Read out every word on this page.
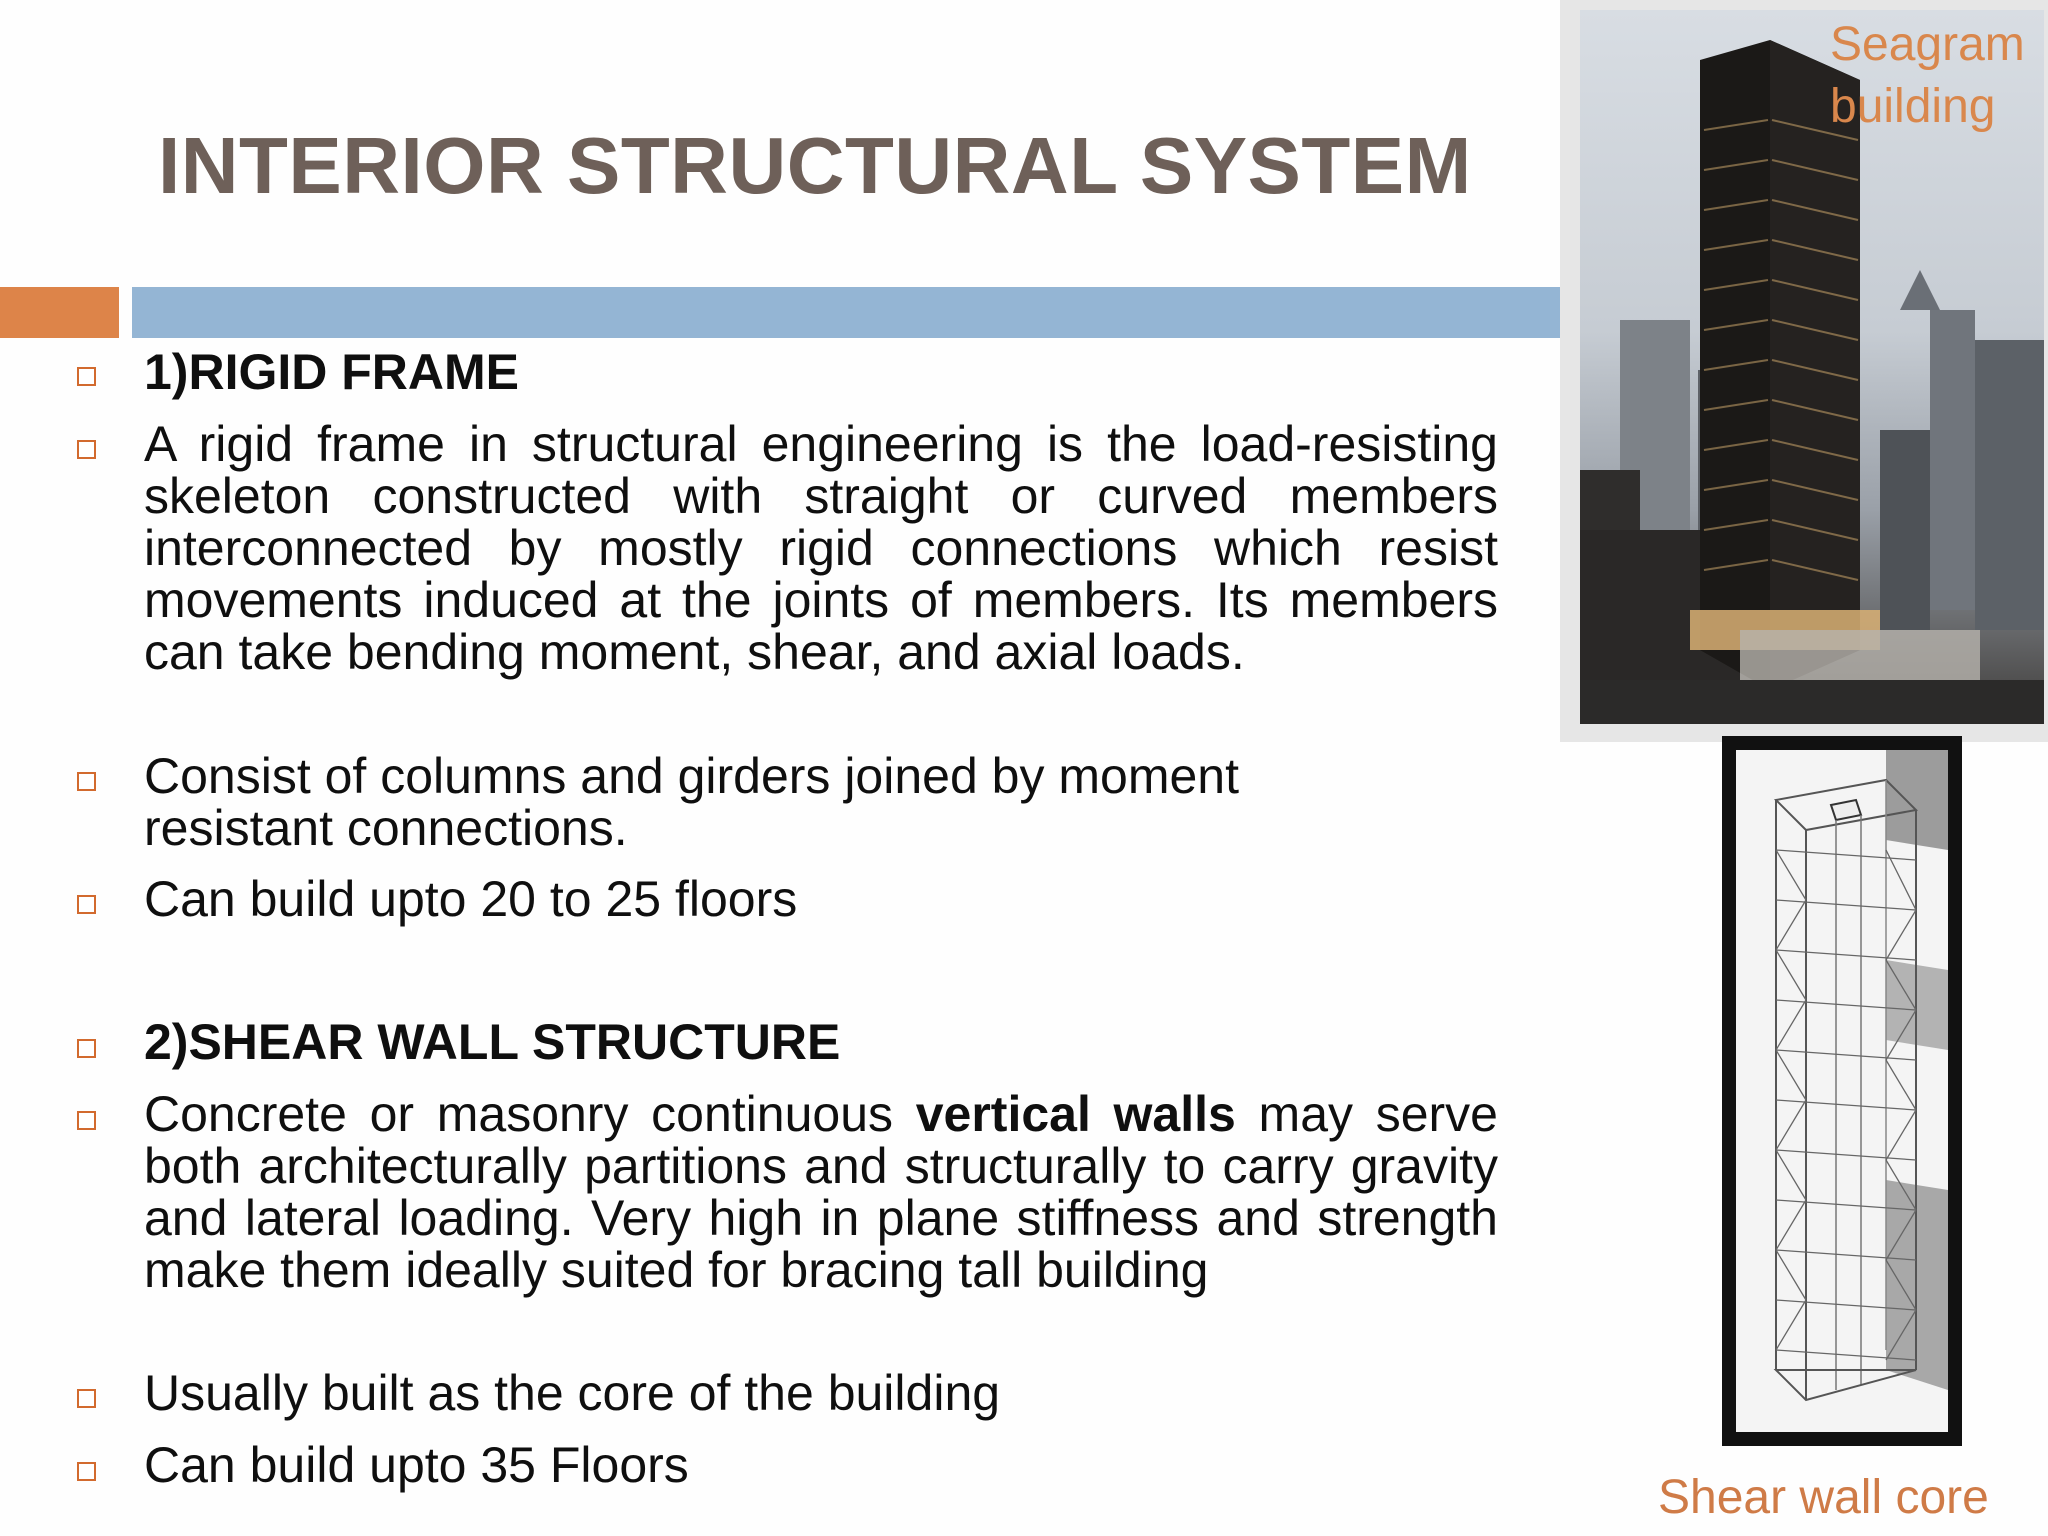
INTERIOR STRUCTURAL SYSTEM
1)RIGID FRAME
A rigid frame in structural engineering is the load-resisting skeleton constructed with straight or curved members interconnected by mostly rigid connections which resist movements induced at the joints of members. Its members can take bending moment, shear, and axial loads.
Consist of columns and girders joined by moment resistant connections.
Can build upto 20 to 25 floors
2)SHEAR WALL STRUCTURE
Concrete or masonry continuous vertical walls may serve both architecturally partitions and structurally to carry gravity and lateral loading. Very high in plane stiffness and strength make them ideally suited for bracing tall building
Usually built as the core of the building
Can build upto 35 Floors
Seagram
building
Shear wall core
